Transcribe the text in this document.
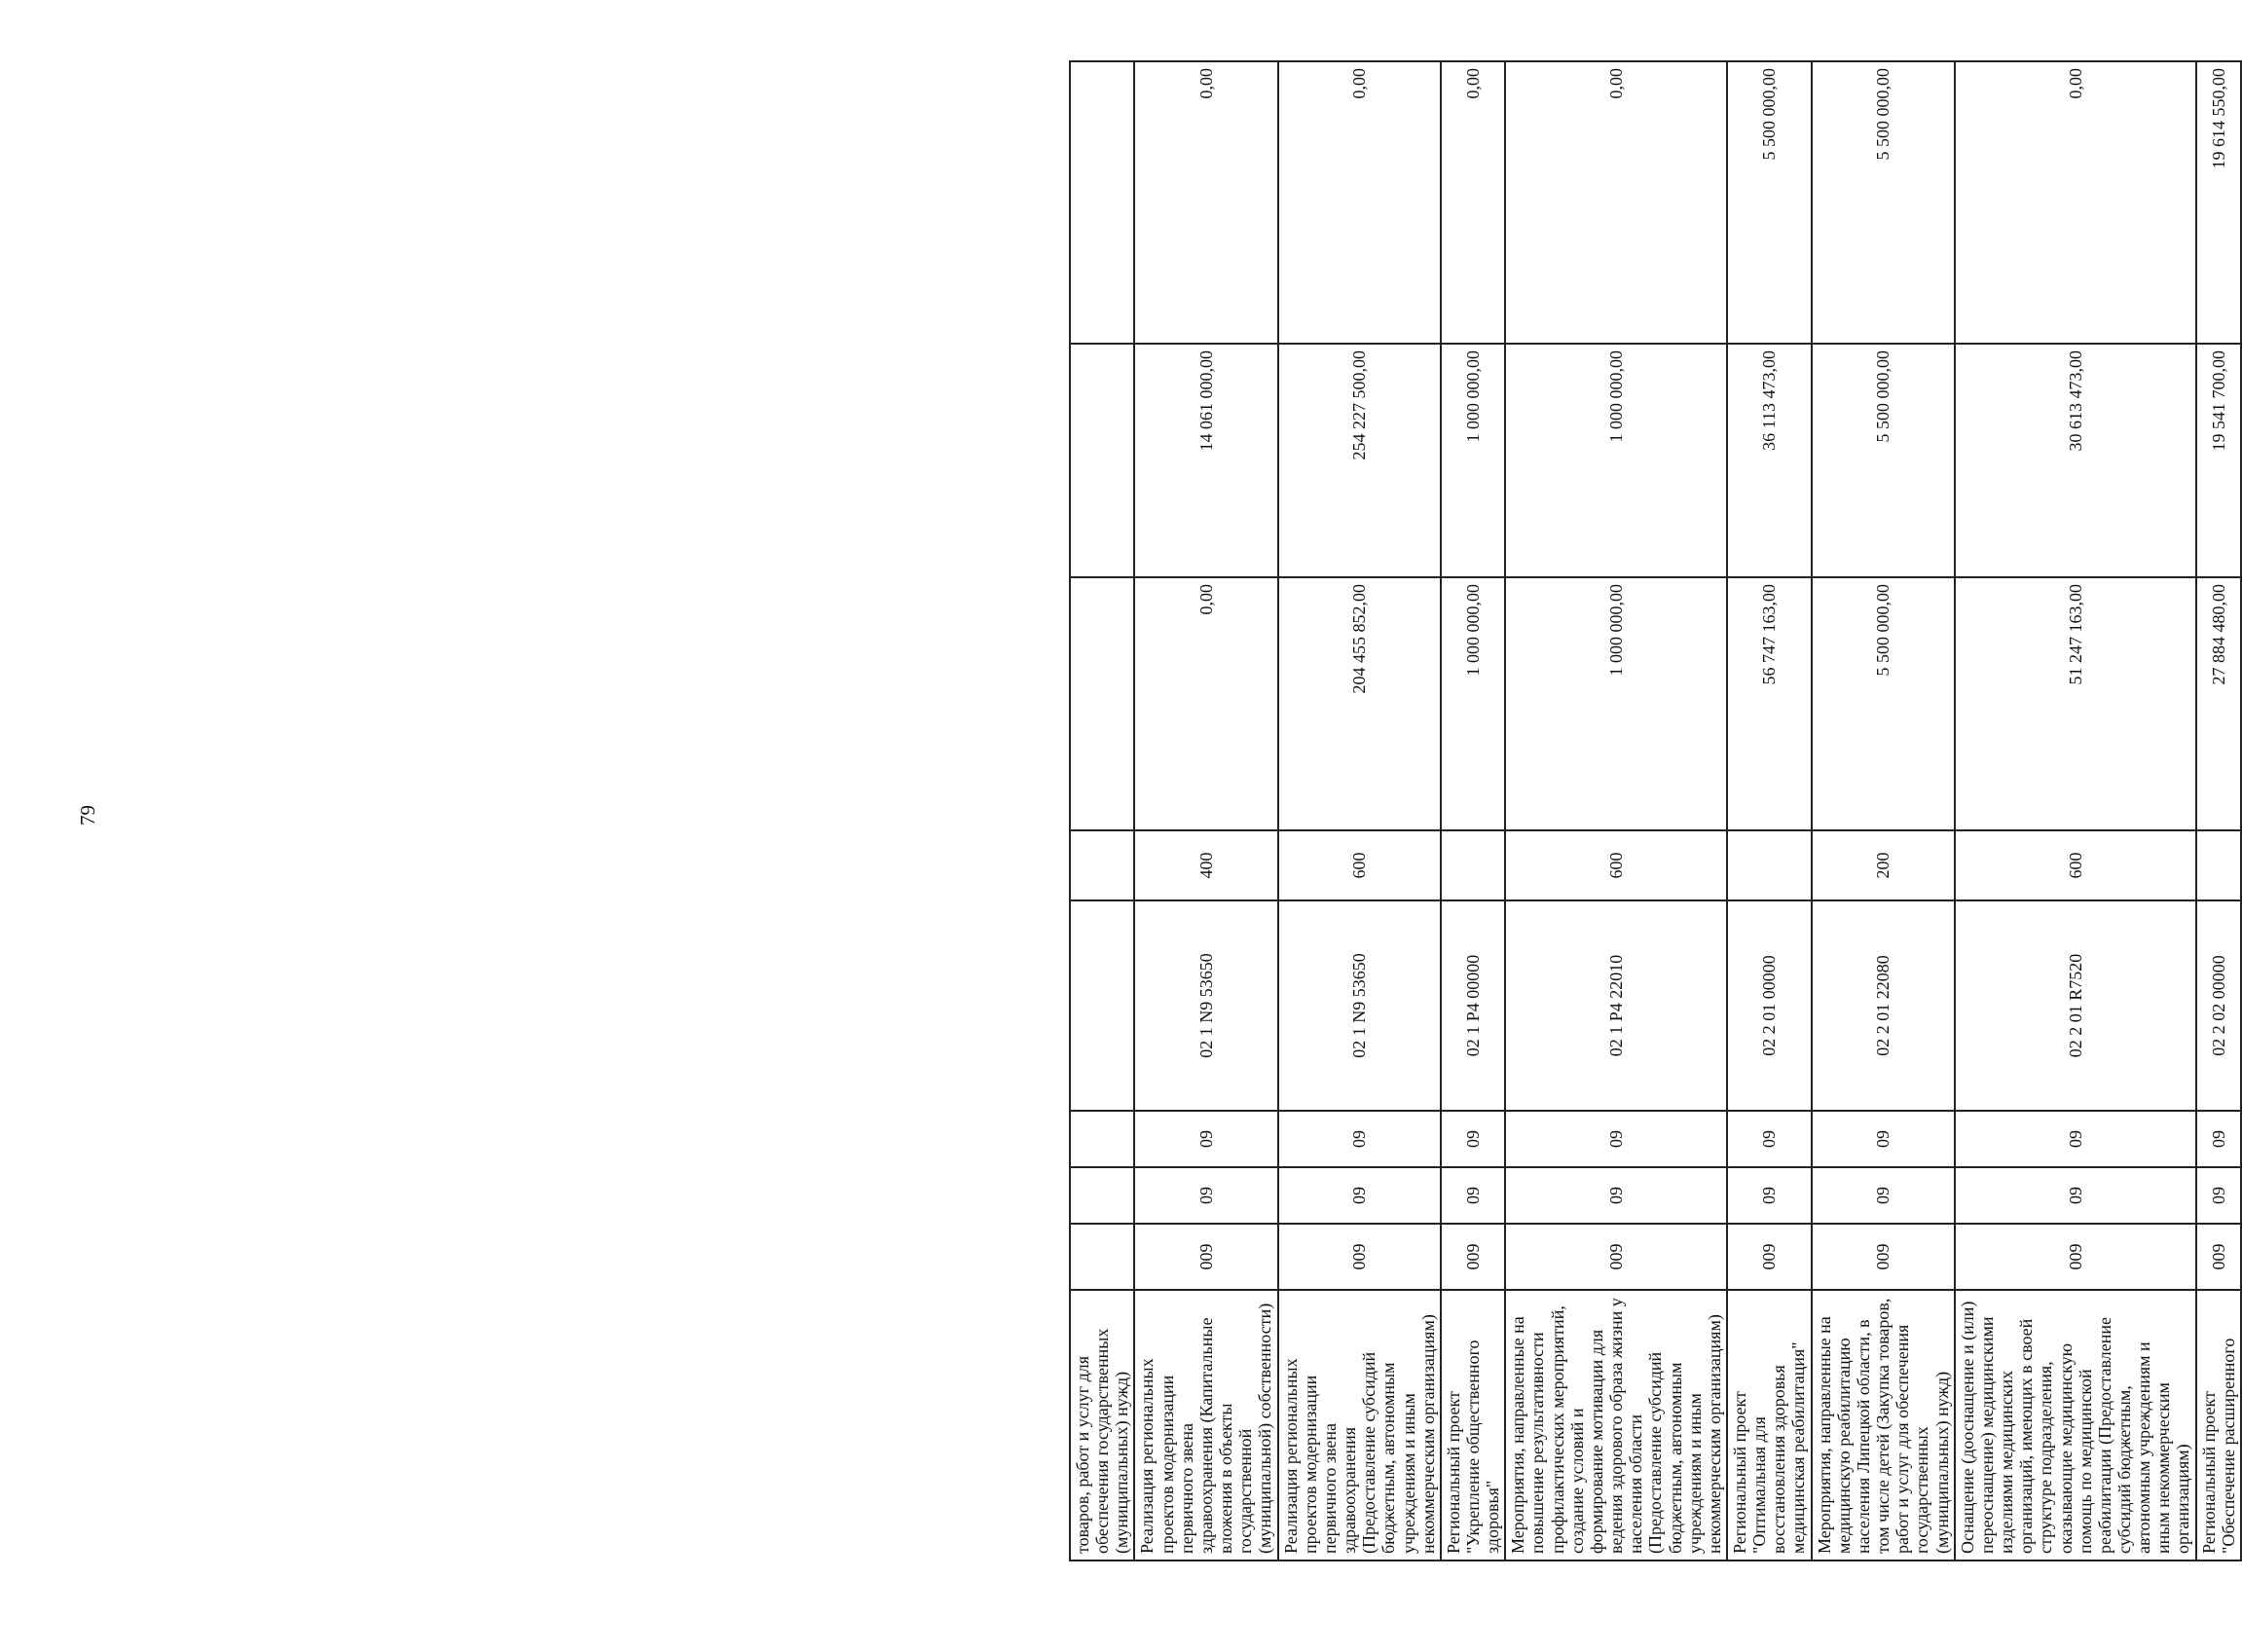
79
товаров, работ и услуг для обеспечения государственных (муниципальных) нужд)								
Реализация региональных проектов модернизации первичного звена здравоохранения (Капитальные вложения в объекты государственной (муниципальной) собственности)	009	09	09	02 1 N9 53650	400	0,00	14 061 000,00	0,00
Реализация региональных проектов модернизации первичного звена здравоохранения (Предоставление субсидий бюджетным, автономным учреждениям и иным некоммерческим организациям)	009	09	09	02 1 N9 53650	600	204 455 852,00	254 227 500,00	0,00
Региональный проект "Укрепление общественного здоровья"	009	09	09	02 1 P4 00000		1 000 000,00	1 000 000,00	0,00
Мероприятия, направленные на повышение результативности профилактических мероприятий, создание условий и формирование мотивации для ведения здорового образа жизни у населения области (Предоставление субсидий бюджетным, автономным учреждениям и иным некоммерческим организациям)	009	09	09	02 1 P4 22010	600	1 000 000,00	1 000 000,00	0,00
Региональный проект "Оптимальная для восстановления здоровья медицинская реабилитация"	009	09	09	02 2 01 00000		56 747 163,00	36 113 473,00	5 500 000,00
Мероприятия, направленные на медицинскую реабилитацию населения Липецкой области, в том числе детей (Закупка товаров, работ и услуг для обеспечения государственных (муниципальных) нужд)	009	09	09	02 2 01 22080	200	5 500 000,00	5 500 000,00	5 500 000,00
Оснащение (дооснащение и (или) переоснащение) медицинскими изделиями медицинских организаций, имеющих в своей структуре подразделения, оказывающие медицинскую помощь по медицинской реабилитации (Предоставление субсидий бюджетным, автономным учреждениям и иным некоммерческим организациям)	009	09	09	02 2 01 R7520	600	51 247 163,00	30 613 473,00	0,00
Региональный проект "Обеспечение расширенного	009	09	09	02 2 02 00000		27 884 480,00	19 541 700,00	19 614 550,00
